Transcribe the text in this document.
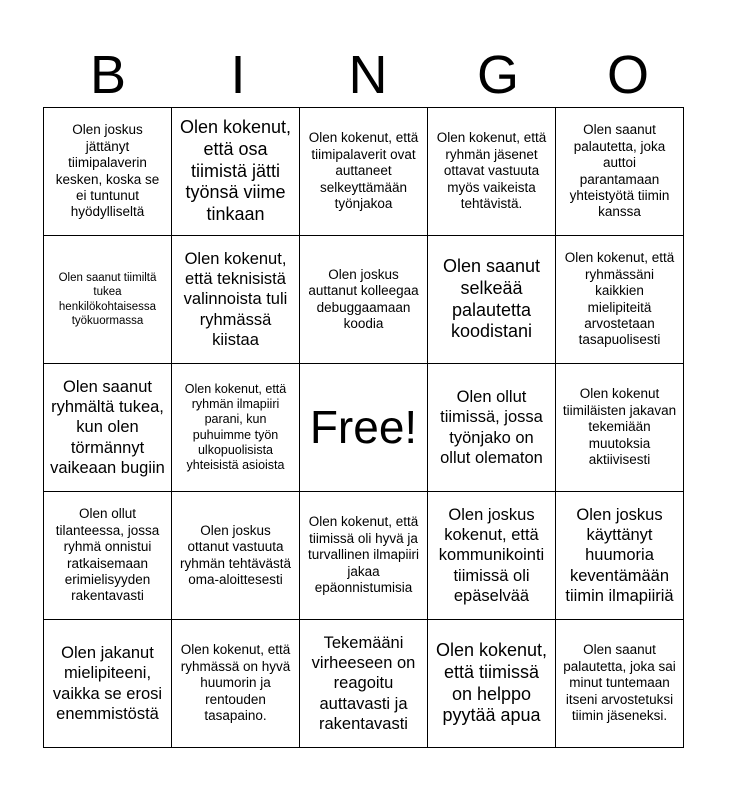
B	I	N	G	O
Olen joskus jättänyt tiimipalaverin kesken, koska se ei tuntunut hyödylliseltä	Olen kokenut, että osa tiimistä jätti työnsä viime tinkaan	Olen kokenut, että tiimipalaverit ovat auttaneet selkeyttämään työnjakoa	Olen kokenut, että ryhmän jäsenet ottavat vastuuta myös vaikeista tehtävistä.	Olen saanut palautetta, joka auttoi parantamaan yhteistyötä tiimin kanssa

Olen saanut tiimiltä tukea henkilökohtaisessa työkuormassa	Olen kokenut, että teknisistä valinnoista tuli ryhmässä kiistaa	Olen joskus auttanut kolleegaa debuggaamaan koodia	Olen saanut selkeää palautetta koodistani	Olen kokenut, että ryhmässäni kaikkien mielipiteitä arvostetaan tasapuolisesti

Olen saanut ryhmältä tukea, kun olen törmännyt vaikeaan bugiin	Olen kokenut, että ryhmän ilmapiiri parani, kun puhuimme työn ulkopuolisista yhteisistä asioista	Free!	Olen ollut tiimissä, jossa työnjako on ollut olematon	Olen kokenut tiimiläisten jakavan tekemiään muutoksia aktiivisesti

Olen ollut tilanteessa, jossa ryhmä onnistui ratkaisemaan erimielisyyden rakentavasti	Olen joskus ottanut vastuuta ryhmän tehtävästä oma-aloittesesti	Olen kokenut, että tiimissä oli hyvä ja turvallinen ilmapiiri jakaa epäonnistumisia	Olen joskus kokenut, että kommunikointi tiimissä oli epäselvää	Olen joskus käyttänyt huumoria keventämään tiimin ilmapiiriä

Olen jakanut mielipiteeni, vaikka se erosi enemmistöstä	Olen kokenut, että ryhmässä on hyvä huumorin ja rentouden tasapaino.	Tekemääni virheeseen on reagoitu auttavasti ja rakentavasti	Olen kokenut, että tiimissä on helppo pyytää apua	Olen saanut palautetta, joka sai minut tuntemaan itseni arvostetuksi tiimin jäseneksi.
